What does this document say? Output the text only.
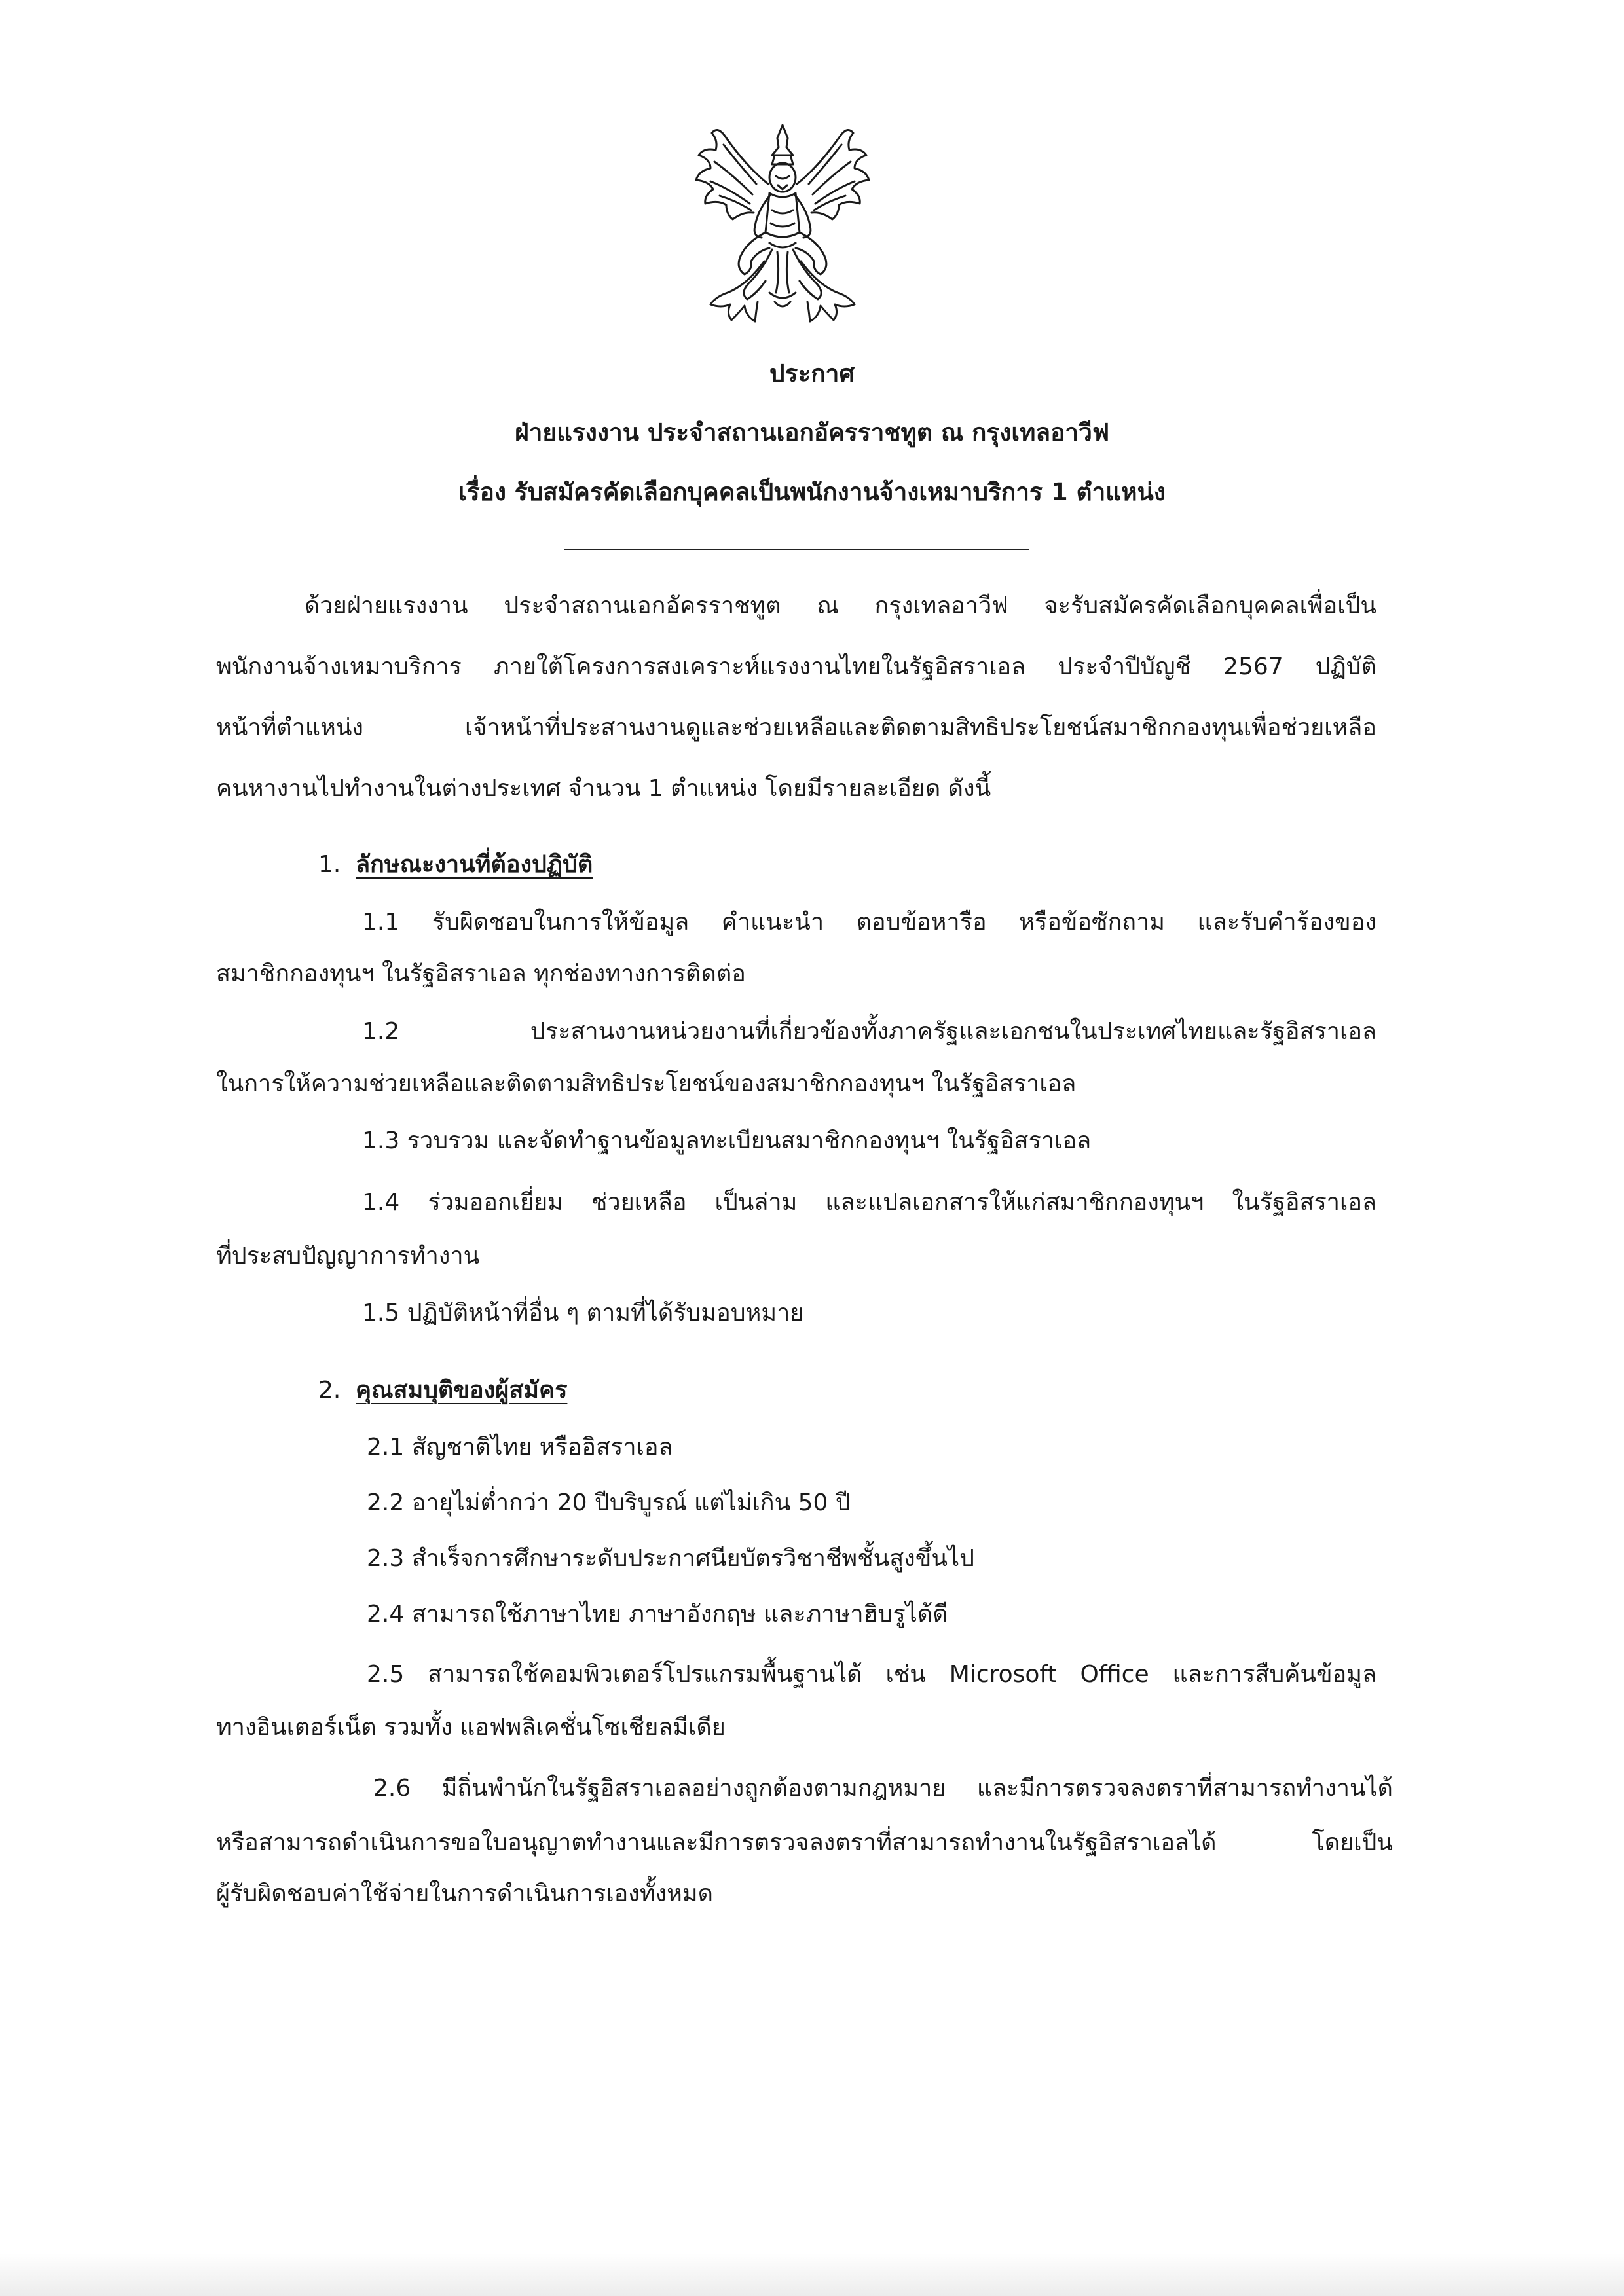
ประกาศ
ฝ่ายแรงงาน ประจำสถานเอกอัครราชทูต ณ กรุงเทลอาวีฟ
เรื่อง รับสมัครคัดเลือกบุคคลเป็นพนักงานจ้างเหมาบริการ 1 ตำแหน่ง
ด้วยฝ่ายแรงงาน ประจำสถานเอกอัครราชทูต ณ กรุงเทลอาวีฟ จะรับสมัครคัดเลือกบุคคลเพื่อเป็น
พนักงานจ้างเหมาบริการ ภายใต้โครงการสงเคราะห์แรงงานไทยในรัฐอิสราเอล ประจำปีบัญชี 2567 ปฏิบัติ
หน้าที่ตำแหน่ง เจ้าหน้าที่ประสานงานดูและช่วยเหลือและติดตามสิทธิประโยชน์สมาชิกกองทุนเพื่อช่วยเหลือ
คนหางานไปทำงานในต่างประเทศ จำนวน 1 ตำแหน่ง โดยมีรายละเอียด ดังนี้
1. ลักษณะงานที่ต้องปฏิบัติ
1.1 รับผิดชอบในการให้ข้อมูล คำแนะนำ ตอบข้อหารือ หรือข้อซักถาม และรับคำร้องของ
สมาชิกกองทุนฯ ในรัฐอิสราเอล ทุกช่องทางการติดต่อ
1.2 ประสานงานหน่วยงานที่เกี่ยวข้องทั้งภาครัฐและเอกชนในประเทศไทยและรัฐอิสราเอล
ในการให้ความช่วยเหลือและติดตามสิทธิประโยชน์ของสมาชิกกองทุนฯ ในรัฐอิสราเอล
1.3 รวบรวม และจัดทำฐานข้อมูลทะเบียนสมาชิกกองทุนฯ ในรัฐอิสราเอล
1.4 ร่วมออกเยี่ยม ช่วยเหลือ เป็นล่าม และแปลเอกสารให้แก่สมาชิกกองทุนฯ ในรัฐอิสราเอล
ที่ประสบปัญญาการทำงาน
1.5 ปฏิบัติหน้าที่อื่น ๆ ตามที่ได้รับมอบหมาย
2. คุณสมบุติของผู้สมัคร
2.1 สัญชาติไทย หรืออิสราเอล
2.2 อายุไม่ต่ำกว่า 20 ปีบริบูรณ์ แต่ไม่เกิน 50 ปี
2.3 สำเร็จการศึกษาระดับประกาศนียบัตรวิชาชีพชั้นสูงขึ้นไป
2.4 สามารถใช้ภาษาไทย ภาษาอังกฤษ และภาษาฮิบรูได้ดี
2.5 สามารถใช้คอมพิวเตอร์โปรแกรมพื้นฐานได้ เช่น Microsoft Office และการสืบค้นข้อมูล
ทางอินเตอร์เน็ต รวมทั้ง แอฟพลิเคชั่นโซเชียลมีเดีย
2.6 มีถิ่นพำนักในรัฐอิสราเอลอย่างถูกต้องตามกฎหมาย และมีการตรวจลงตราที่สามารถทำงานได้
หรือสามารถดำเนินการขอใบอนุญาตทำงานและมีการตรวจลงตราที่สามารถทำงานในรัฐอิสราเอลได้ โดยเป็น
ผู้รับผิดชอบค่าใช้จ่ายในการดำเนินการเองทั้งหมด
